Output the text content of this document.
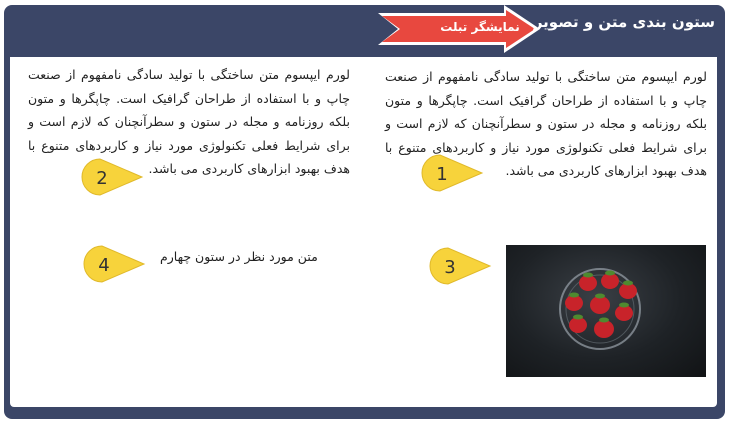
نمایشگر تبلت ستون بندی متن و تصویر
لورم ایپسوم متن ساختگی با تولید سادگی نامفهوم از صنعت چاپ و با استفاده از طراحان گرافیک است. چاپگرها و متون بلکه روزنامه و مجله در ستون و سطرآنچنان که لازم است و برای شرایط فعلی تکنولوژی مورد نیاز و کاربردهای متنوع با هدف بهبود ابزارهای کاربردی می باشد.
لورم ایپسوم متن ساختگی با تولید سادگی نامفهوم از صنعت چاپ و با استفاده از طراحان گرافیک است. چاپگرها و متون بلکه روزنامه و مجله در ستون و سطرآنچنان که لازم است و برای شرایط فعلی تکنولوژی مورد نیاز و کاربردهای متنوع با هدف بهبود ابزارهای کاربردی می باشد.
متن مورد نظر در ستون چهارم
1
2
3
4
